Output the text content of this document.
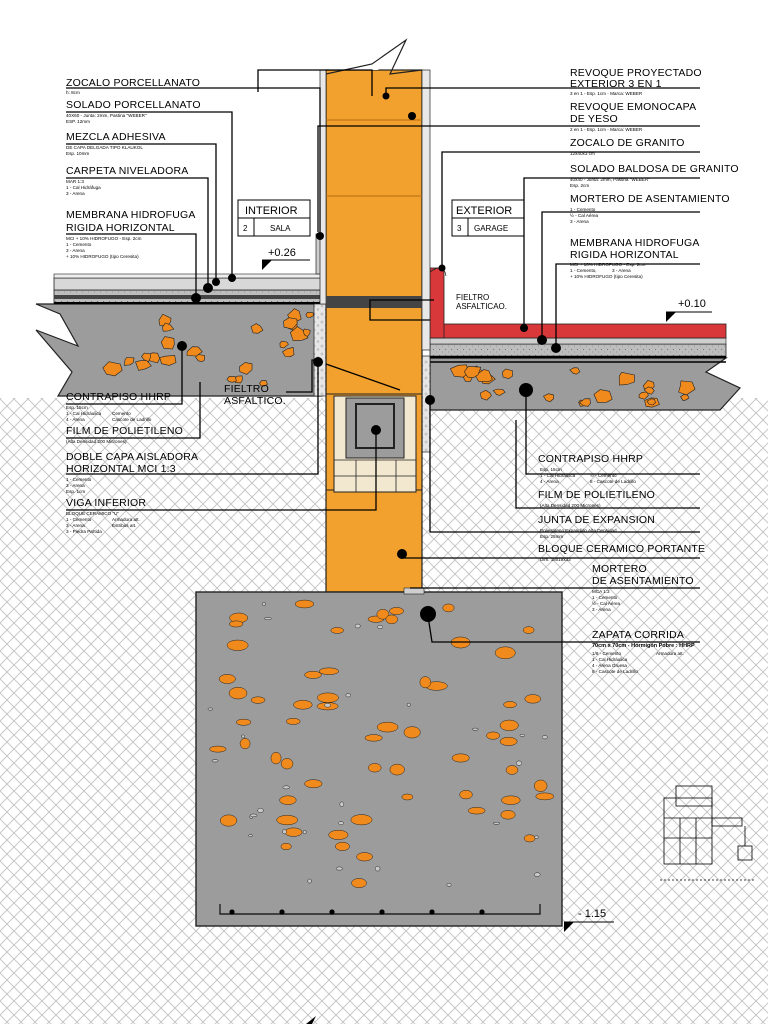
+0.26
+0.10
- 1.15
INTERIOR
2	SALA
EXTERIOR
3 GARAGE
ZOCALO PORCELLANATO
h: 8cm
SOLADO PORCELLANATO
40X60 - Junta: 2mm, Pastina "WEBER"
ESP. 12mm
MEZCLA ADHESIVA
DE CAPA DELGADA TIPO KLAUKOL
Esp. 10mm
CARPETA NIVELADORA
MAR 1:3
1 - Cal Hidráfuga
3 - Arena
MEMBRANA HIDROFUGA
RIGIDA HORIZONTAL
MCI + 10% HIDROFUGO - Esp. 2cm
1 - Cemento
3 - Arena
+ 10% HIDROFUGO (tipo Ceresita)
CONTRAPISO HHRP
Esp. 15cm
1 - Cal Hidráulica
4 - Arena
Cemento
Cascote de Ladrillo
FILM DE POLIETILENO
(Alta Densidad 200 Micrones)
DOBLE CAPA AISLADORA
HORIZONTAL MCI 1:3
1 - Cemento
3 - Arena
Esp. 1cm
VIGA INFERIOR
BLOQUE CERAMICO "U"
1 - Cemento
3 - Arena
3 - Piedra Partida
Armadura aIt.
Estribos aIt.
FIELTRO
ASFALTICO.
REVOQUE PROYECTADO
EXTERIOR 3 EN 1
3 en 1 - Esp. 1cm - Marca: WEBER
REVOQUE EMONOCAPA
DE YESO
2 en 1 - Esp. 1cm - Marca: WEBER
ZOCALO DE GRANITO
12x40x3 cm
SOLADO BALDOSA DE GRANITO
40x40 - Junta: 2mm, Pastina "WEBER"
Esp. 2cm
MORTERO DE ASENTAMIENTO
1 - Cemento
½ - Cal Aérea
3 - Arena
MEMBRANA HIDROFUGA
RIGIDA HORIZONTAL
MCI + 10% HIDROFUGO - Esp. 2cm
1 - Cemento,	3 - Arena
+ 10% HIDROFUGO (tipo Ceresita)
FIELTRO
ASFALTICAO.
CONTRAPISO HHRP
Esp. 15cm
1 - Cal Hidráulica
4 - Arena
½ - Cemento
8 - Cascote de Ladrillo
FILM DE POLIETILENO
(Alta Densidad 200 Micrones)
JUNTA DE EXPANSION
Poliestireno Expandido Alta Densidad
Esp. 25mm
BLOQUE CERAMICO PORTANTE
Dim. 18x19x33
MORTERO
DE ASENTAMIENTO
MCA 1:3
1 - Cemento
½ - Cal Aérea
3 - Arena
ZAPATA CORRIDA
70cm x 70cm - Hormigón Pobre : HHRP
1/8 - Cemento
1 - Cal Hidráulica
4 - Arena Gruesa
8 - Cascote de Ladrillo
Armadura aIt.
